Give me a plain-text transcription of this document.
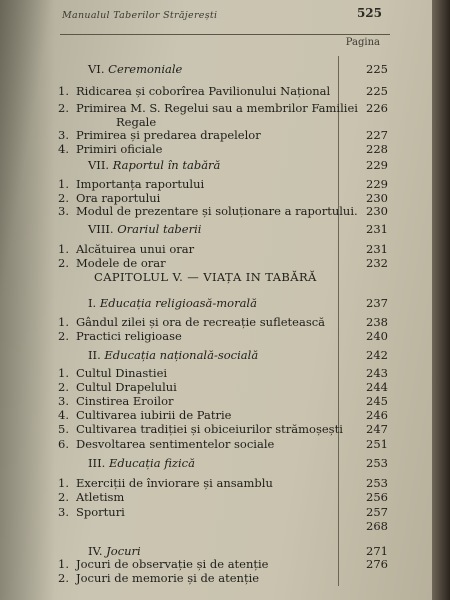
Manualul Taberilor Străjerești	525
Pagina
VI. Ceremoniale	225
1. Ridicarea și coborîrea Pavilionului Național	225
2. Primirea M. S. Regelui sau a membrilor Familiei 226
Regale
3. Primirea și predarea drapelelor	227
4. Primiri oficiale	228
VII. Raportul în tabără	229
1. Importanța raportului	229
2. Ora raportului	230
3. Modul de prezentare și soluționare a raportului. 230
VIII. Orariul taberii	231
1. Alcătuirea unui orar	231
2. Modele de orar	232
CAPITOLUL V. — VIAȚA IN TABĂRĂ
I. Educația religioasă-morală	237
1. Gândul zilei și ora de recreație sufletească	238
2. Practici religioase	240
II. Educația națională-socială	242
1. Cultul Dinastiei	243
2. Cultul Drapelului	244
3. Cinstirea Eroilor	245
4. Cultivarea iubirii de Patrie	246
5. Cultivarea tradiției și obiceiurilor strămoșești 247
6. Desvoltarea sentimentelor sociale	251
III. Educația fizică	253
1. Exerciții de înviorare și ansamblu	253
2. Atletism	256
3. Sporturi	257
268
IV. Jocuri	271
1. Jocuri de observație și de atenție	276
2. Jocuri de memorie și de atenție
